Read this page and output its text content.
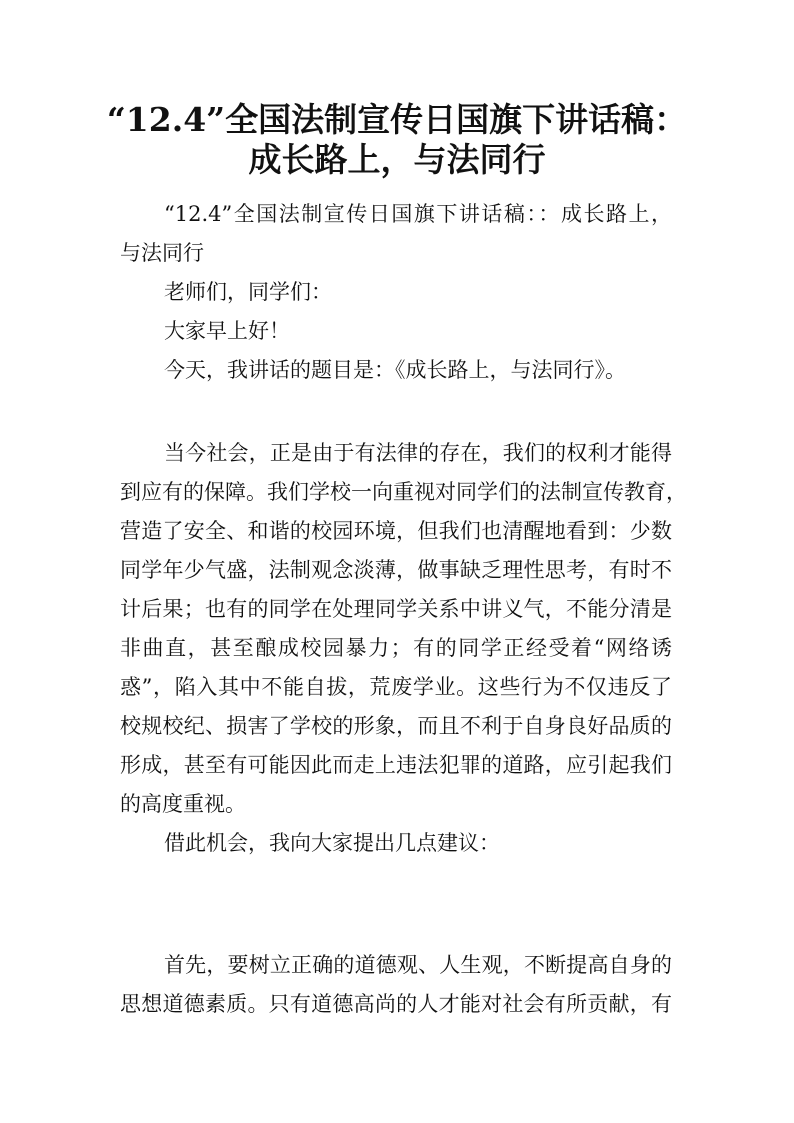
“12.4”全国法制宣传日国旗下讲话稿：
成长路上，与法同行
“12.4”全国法制宣传日国旗下讲话稿：：成长路上，
与法同行
老师们，同学们：
大家早上好！
今天，我讲话的题目是：《成长路上，与法同行》。
当今社会，正是由于有法律的存在，我们的权利才能得
到应有的保障。我们学校一向重视对同学们的法制宣传教育，
营造了安全、和谐的校园环境，但我们也清醒地看到：少数
同学年少气盛，法制观念淡薄，做事缺乏理性思考，有时不
计后果；也有的同学在处理同学关系中讲义气，不能分清是
非曲直，甚至酿成校园暴力；有的同学正经受着“网络诱
惑”，陷入其中不能自拔，荒废学业。这些行为不仅违反了
校规校纪、损害了学校的形象，而且不利于自身良好品质的
形成，甚至有可能因此而走上违法犯罪的道路，应引起我们
的高度重视。
借此机会，我向大家提出几点建议：
首先，要树立正确的道德观、人生观，不断提高自身的
思想道德素质。只有道德高尚的人才能对社会有所贡献，有
